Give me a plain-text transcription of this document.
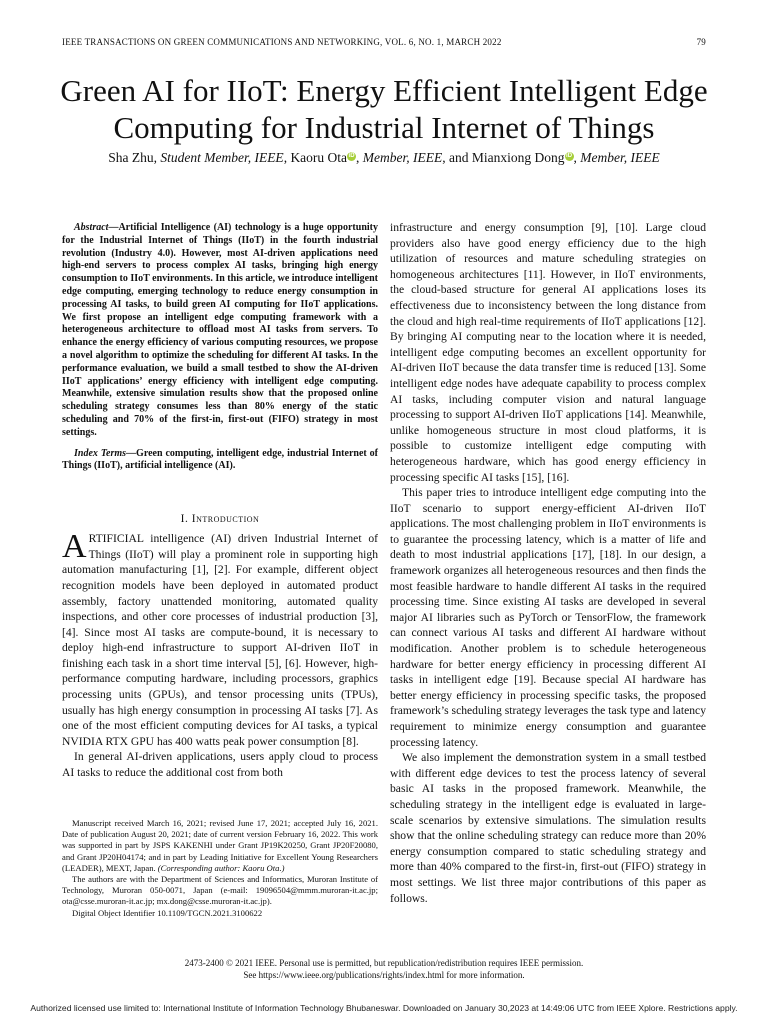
IEEE TRANSACTIONS ON GREEN COMMUNICATIONS AND NETWORKING, VOL. 6, NO. 1, MARCH 2022	79
Green AI for IIoT: Energy Efficient Intelligent Edge
Computing for Industrial Internet of Things
Sha Zhu, Student Member, IEEE, Kaoru Ota iD , Member, IEEE, and Mianxiong Dong iD , Member, IEEE

Abstract—Artificial Intelligence (AI) technology is a huge opportunity for the Industrial Internet of Things (IIoT) in the fourth industrial revolution (Industry 4.0). However, most AI-driven applications need high-end servers to process complex AI tasks, bringing high energy consumption to IIoT environments. In this article, we introduce intelligent edge computing, emerging technology to reduce energy consumption in processing AI tasks, to build green AI computing for IIoT applications. We first propose an intelligent edge computing framework with a heterogeneous architecture to offload most AI tasks from servers. To enhance the energy efficiency of various computing resources, we propose a novel algorithm to optimize the scheduling for different AI tasks. In the performance evaluation, we build a small testbed to show the AI-driven IIoT applications’ energy efficiency with intelligent edge computing. Meanwhile, extensive simulation results show that the proposed online scheduling strategy consumes less than 80% energy of the static scheduling and 70% of the first-in, first-out (FIFO) strategy in most settings.

Index Terms—Green computing, intelligent edge, industrial Internet of Things (IIoT), artificial intelligence (AI).

I. Introduction

ARTIFICIAL intelligence (AI) driven Industrial Internet of Things (IIoT) will play a prominent role in supporting high automation manufacturing [1], [2]. For example, different object recognition models have been deployed in automated product assembly, factory unattended monitoring, automated quality inspections, and other core processes of industrial production [3], [4]. Since most AI tasks are compute-bound, it is necessary to deploy high-end infrastructure to support AI-driven IIoT in finishing each task in a short time interval [5], [6]. However, high-performance computing hardware, including processors, graphics processing units (GPUs), and tensor processing units (TPUs), usually has high energy consumption in processing AI tasks [7]. As one of the most efficient computing devices for AI tasks, a typical NVIDIA RTX GPU has 400 watts peak power consumption [8].

In general AI-driven applications, users apply cloud to process AI tasks to reduce the additional cost from both

Manuscript received March 16, 2021; revised June 17, 2021; accepted July 16, 2021. Date of publication August 20, 2021; date of current version February 16, 2022. This work was supported in part by JSPS KAKENHI under Grant JP19K20250, Grant JP20F20080, and Grant JP20H04174; and in part by Leading Initiative for Excellent Young Researchers (LEADER), MEXT, Japan. (Corresponding author: Kaoru Ota.)

The authors are with the Department of Sciences and Informatics, Muroran Institute of Technology, Muroran 050-0071, Japan (e-mail: 19096504@mmm.muroran-it.ac.jp; ota@csse.muroran-it.ac.jp; mx.dong@csse.muroran-it.ac.jp).

Digital Object Identifier 10.1109/TGCN.2021.3100622

infrastructure and energy consumption [9], [10]. Large cloud providers also have good energy efficiency due to the high utilization of resources and mature scheduling strategies on homogeneous architectures [11]. However, in IIoT environments, the cloud-based structure for general AI applications loses its effectiveness due to inconsistency between the long distance from the cloud and high real-time requirements of IIoT applications [12]. By bringing AI computing near to the location where it is needed, intelligent edge computing becomes an excellent opportunity for AI-driven IIoT because the data transfer time is reduced [13]. Some intelligent edge nodes have adequate capability to process complex AI tasks, including computer vision and natural language processing to support AI-driven IIoT applications [14]. Meanwhile, unlike homogeneous structure in most cloud platforms, it is possible to customize intelligent edge computing with heterogeneous hardware, which has good energy efficiency in processing specific AI tasks [15], [16].

This paper tries to introduce intelligent edge computing into the IIoT scenario to support energy-efficient AI-driven IIoT applications. The most challenging problem in IIoT environments is to guarantee the processing latency, which is a matter of life and death to most industrial applications [17], [18]. In our design, a framework organizes all heterogeneous resources and then finds the most feasible hardware to handle different AI tasks in the required processing time. Since existing AI tasks are developed in several major AI libraries such as PyTorch or TensorFlow, the framework can connect various AI tasks and different AI hardware without modification. Another problem is to schedule heterogeneous hardware for better energy efficiency in processing different AI tasks in intelligent edge [19]. Because special AI hardware has better energy efficiency in processing specific tasks, the proposed framework’s scheduling strategy leverages the task type and latency requirement to minimize energy consumption and guarantee processing latency.

We also implement the demonstration system in a small testbed with different edge devices to test the process latency of several basic AI tasks in the proposed framework. Meanwhile, the scheduling strategy in the intelligent edge is evaluated in large-scale scenarios by extensive simulations. The simulation results show that the online scheduling strategy can reduce more than 20% energy consumption compared to static scheduling strategy and more than 40% compared to the first-in, first-out (FIFO) strategy in most settings. We list three major contributions of this paper as follows.

2473-2400 © 2021 IEEE. Personal use is permitted, but republication/redistribution requires IEEE permission.
See https://www.ieee.org/publications/rights/index.html for more information.
Authorized licensed use limited to: International Institute of Information Technology Bhubaneswar. Downloaded on January 30,2023 at 14:49:06 UTC from IEEE Xplore. Restrictions apply.
